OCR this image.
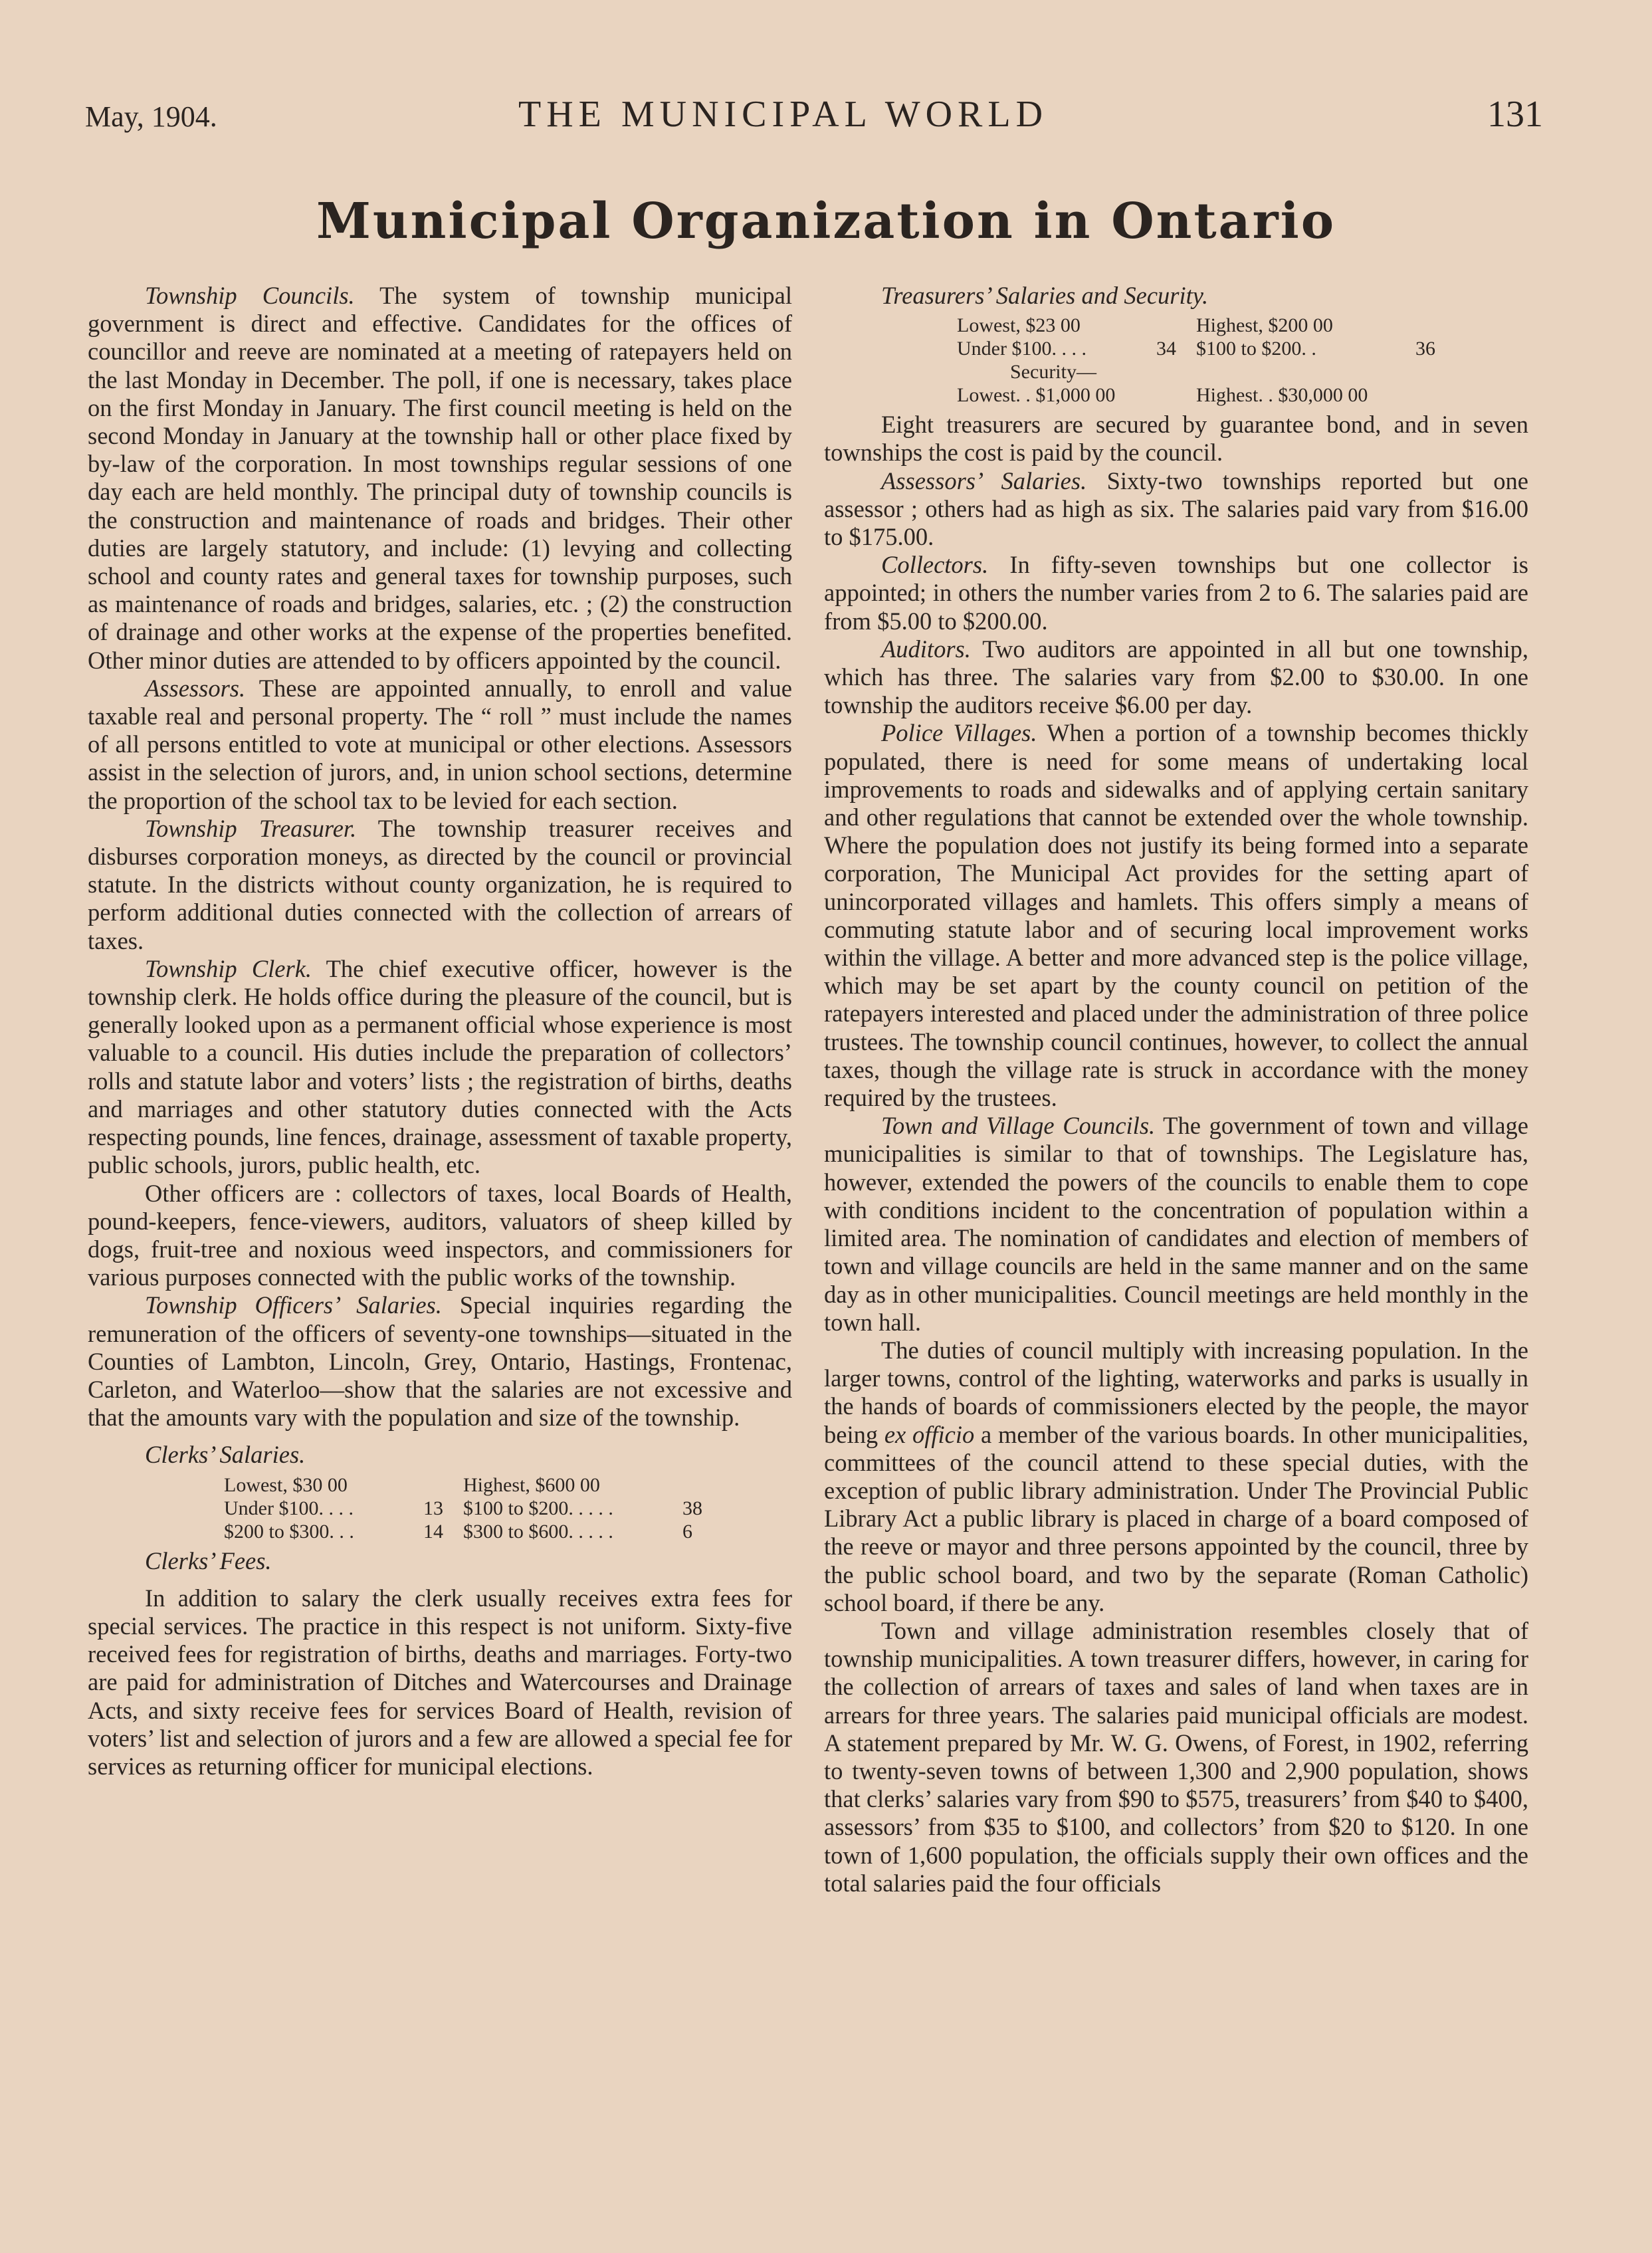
May, 1904.	THE MUNICIPAL WORLD	131
Municipal Organization in Ontario

Township Councils. The system of township municipal government is direct and effective. Candidates for the offices of councillor and reeve are nominated at a meeting of ratepayers held on the last Monday in December. The poll, if one is necessary, takes place on the first Monday in January. The first council meeting is held on the second Monday in January at the township hall or other place fixed by by-law of the corporation. In most townships regular sessions of one day each are held monthly. The principal duty of township councils is the construction and maintenance of roads and bridges. Their other duties are largely statutory, and include: (1) levying and collecting school and county rates and general taxes for township purposes, such as maintenance of roads and bridges, salaries, etc. ; (2) the construction of drainage and other works at the expense of the properties benefited. Other minor duties are attended to by officers appointed by the council.

Assessors. These are appointed annually, to enroll and value taxable real and personal property. The “ roll ” must include the names of all persons entitled to vote at municipal or other elections. Assessors assist in the selection of jurors, and, in union school sections, determine the proportion of the school tax to be levied for each section.

Township Treasurer. The township treasurer receives and disburses corporation moneys, as directed by the council or provincial statute. In the districts without county organization, he is required to perform additional duties connected with the collection of arrears of taxes.

Township Clerk. The chief executive officer, however is the township clerk. He holds office during the pleasure of the council, but is generally looked upon as a permanent official whose experience is most valuable to a council. His duties include the preparation of collectors’ rolls and statute labor and voters’ lists ; the registration of births, deaths and marriages and other statutory duties connected with the Acts respecting pounds, line fences, drainage, assessment of taxable property, public schools, jurors, public health, etc.

Other officers are : collectors of taxes, local Boards of Health, pound-keepers, fence-viewers, auditors, valuators of sheep killed by dogs, fruit-tree and noxious weed inspectors, and commissioners for various purposes connected with the public works of the township.

Township Officers’ Salaries. Special inquiries regarding the remuneration of the officers of seventy-one townships—situated in the Counties of Lambton, Lincoln, Grey, Ontario, Hastings, Frontenac, Carleton, and Waterloo—show that the salaries are not excessive and that the amounts vary with the population and size of the township.

Clerks’ Salaries.
Lowest, $30 00	Highest, $600 00
Under $100. . . .	13	$100 to $200. . . . .	38
$200 to $300. . .	14	$300 to $600. . . . .	6
Clerks’ Fees.

In addition to salary the clerk usually receives extra fees for special services. The practice in this respect is not uniform. Sixty-five received fees for registration of births, deaths and marriages. Forty-two are paid for administration of Ditches and Watercourses and Drainage Acts, and sixty receive fees for services Board of Health, revision of voters’ list and selection of jurors and a few are allowed a special fee for services as returning officer for municipal elections.

Treasurers’ Salaries and Security.
Lowest, $23 00	Highest, $200 00
Under $100. . . .	34	$100 to $200. .	36
Security—
Lowest. . $1,000 00	Highest. . $30,000 00

Eight treasurers are secured by guarantee bond, and in seven townships the cost is paid by the council.

Assessors’ Salaries. Sixty-two townships reported but one assessor ; others had as high as six. The salaries paid vary from $16.00 to $175.00.

Collectors. In fifty-seven townships but one collector is appointed; in others the number varies from 2 to 6. The salaries paid are from $5.00 to $200.00.

Auditors. Two auditors are appointed in all but one township, which has three. The salaries vary from $2.00 to $30.00. In one township the auditors receive $6.00 per day.

Police Villages. When a portion of a township becomes thickly populated, there is need for some means of undertaking local improvements to roads and sidewalks and of applying certain sanitary and other regulations that cannot be extended over the whole township. Where the population does not justify its being formed into a separate corporation, The Municipal Act provides for the setting apart of unincorporated villages and hamlets. This offers simply a means of commuting statute labor and of securing local improvement works within the village. A better and more advanced step is the police village, which may be set apart by the county council on petition of the ratepayers interested and placed under the administration of three police trustees. The township council continues, however, to collect the annual taxes, though the village rate is struck in accordance with the money required by the trustees.

Town and Village Councils. The government of town and village municipalities is similar to that of townships. The Legislature has, however, extended the powers of the councils to enable them to cope with conditions incident to the concentration of population within a limited area. The nomination of candidates and election of members of town and village councils are held in the same manner and on the same day as in other municipalities. Council meetings are held monthly in the town hall.

The duties of council multiply with increasing population. In the larger towns, control of the lighting, waterworks and parks is usually in the hands of boards of commissioners elected by the people, the mayor being ex officio a member of the various boards. In other municipalities, committees of the council attend to these special duties, with the exception of public library administration. Under The Provincial Public Library Act a public library is placed in charge of a board composed of the reeve or mayor and three persons appointed by the council, three by the public school board, and two by the separate (Roman Catholic) school board, if there be any.

Town and village administration resembles closely that of township municipalities. A town treasurer differs, however, in caring for the collection of arrears of taxes and sales of land when taxes are in arrears for three years. The salaries paid municipal officials are modest. A statement prepared by Mr. W. G. Owens, of Forest, in 1902, referring to twenty-seven towns of between 1,300 and 2,900 population, shows that clerks’ salaries vary from $90 to $575, treasurers’ from $40 to $400, assessors’ from $35 to $100, and collectors’ from $20 to $120. In one town of 1,600 population, the officials supply their own offices and the total salaries paid the four officials
